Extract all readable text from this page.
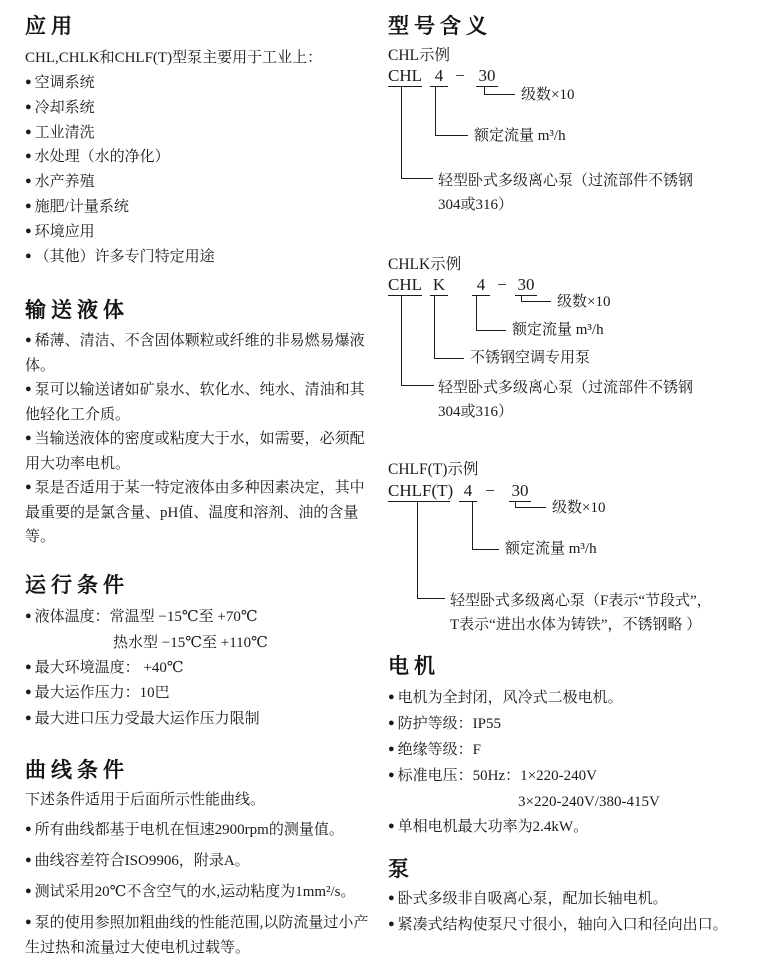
应用
CHL,CHLK和CHLF(T)型泵主要用于工业上：
● 空调系统
● 冷却系统
● 工业清洗
● 水处理（水的净化）
● 水产养殖
● 施肥/计量系统
● 环境应用
● （其他）许多专门特定用途
输送液体
● 稀薄、清洁、不含固体颗粒或纤维的非易燃易爆液体。
● 泵可以输送诸如矿泉水、软化水、纯水、清油和其他轻化工介质。
● 当输送液体的密度或粘度大于水，如需要，必须配用大功率电机。
● 泵是否适用于某一特定液体由多种因素决定，其中最重要的是氯含量、pH值、温度和溶剂、油的含量等。
运行条件
● 液体温度：常温型 −15℃至 +70℃
热水型 −15℃至 +110℃
● 最大环境温度： +40℃
● 最大运作压力：10巴
● 最大进口压力受最大运作压力限制
曲线条件
下述条件适用于后面所示性能曲线。
● 所有曲线都基于电机在恒速2900rpm的测量值。
● 曲线容差符合ISO9906，附录A。
● 测试采用20℃不含空气的水,运动粘度为1mm²/s。
● 泵的使用参照加粗曲线的性能范围,以防流量过小产生过热和流量过大使电机过载等。
型号含义
CHL示例
CHL 4 − 30
级数×10
额定流量 m³/h
轻型卧式多级离心泵（过流部件不锈钢
304或316）
CHLK示例
CHL K 4 − 30
级数×10
额定流量 m³/h
不锈钢空调专用泵
轻型卧式多级离心泵（过流部件不锈钢
304或316）
CHLF(T)示例
CHLF(T) 4 − 30
级数×10
额定流量 m³/h
轻型卧式多级离心泵（F表示“节段式”，
T表示“进出水体为铸铁”，不锈钢略 ）
电机
● 电机为全封闭，风冷式二极电机。
● 防护等级：IP55
● 绝缘等级：F
● 标准电压：50Hz：1×220-240V
3×220-240V/380-415V
● 单相电机最大功率为2.4kW。
泵
● 卧式多级非自吸离心泵，配加长轴电机。
● 紧凑式结构使泵尺寸很小，轴向入口和径向出口。
